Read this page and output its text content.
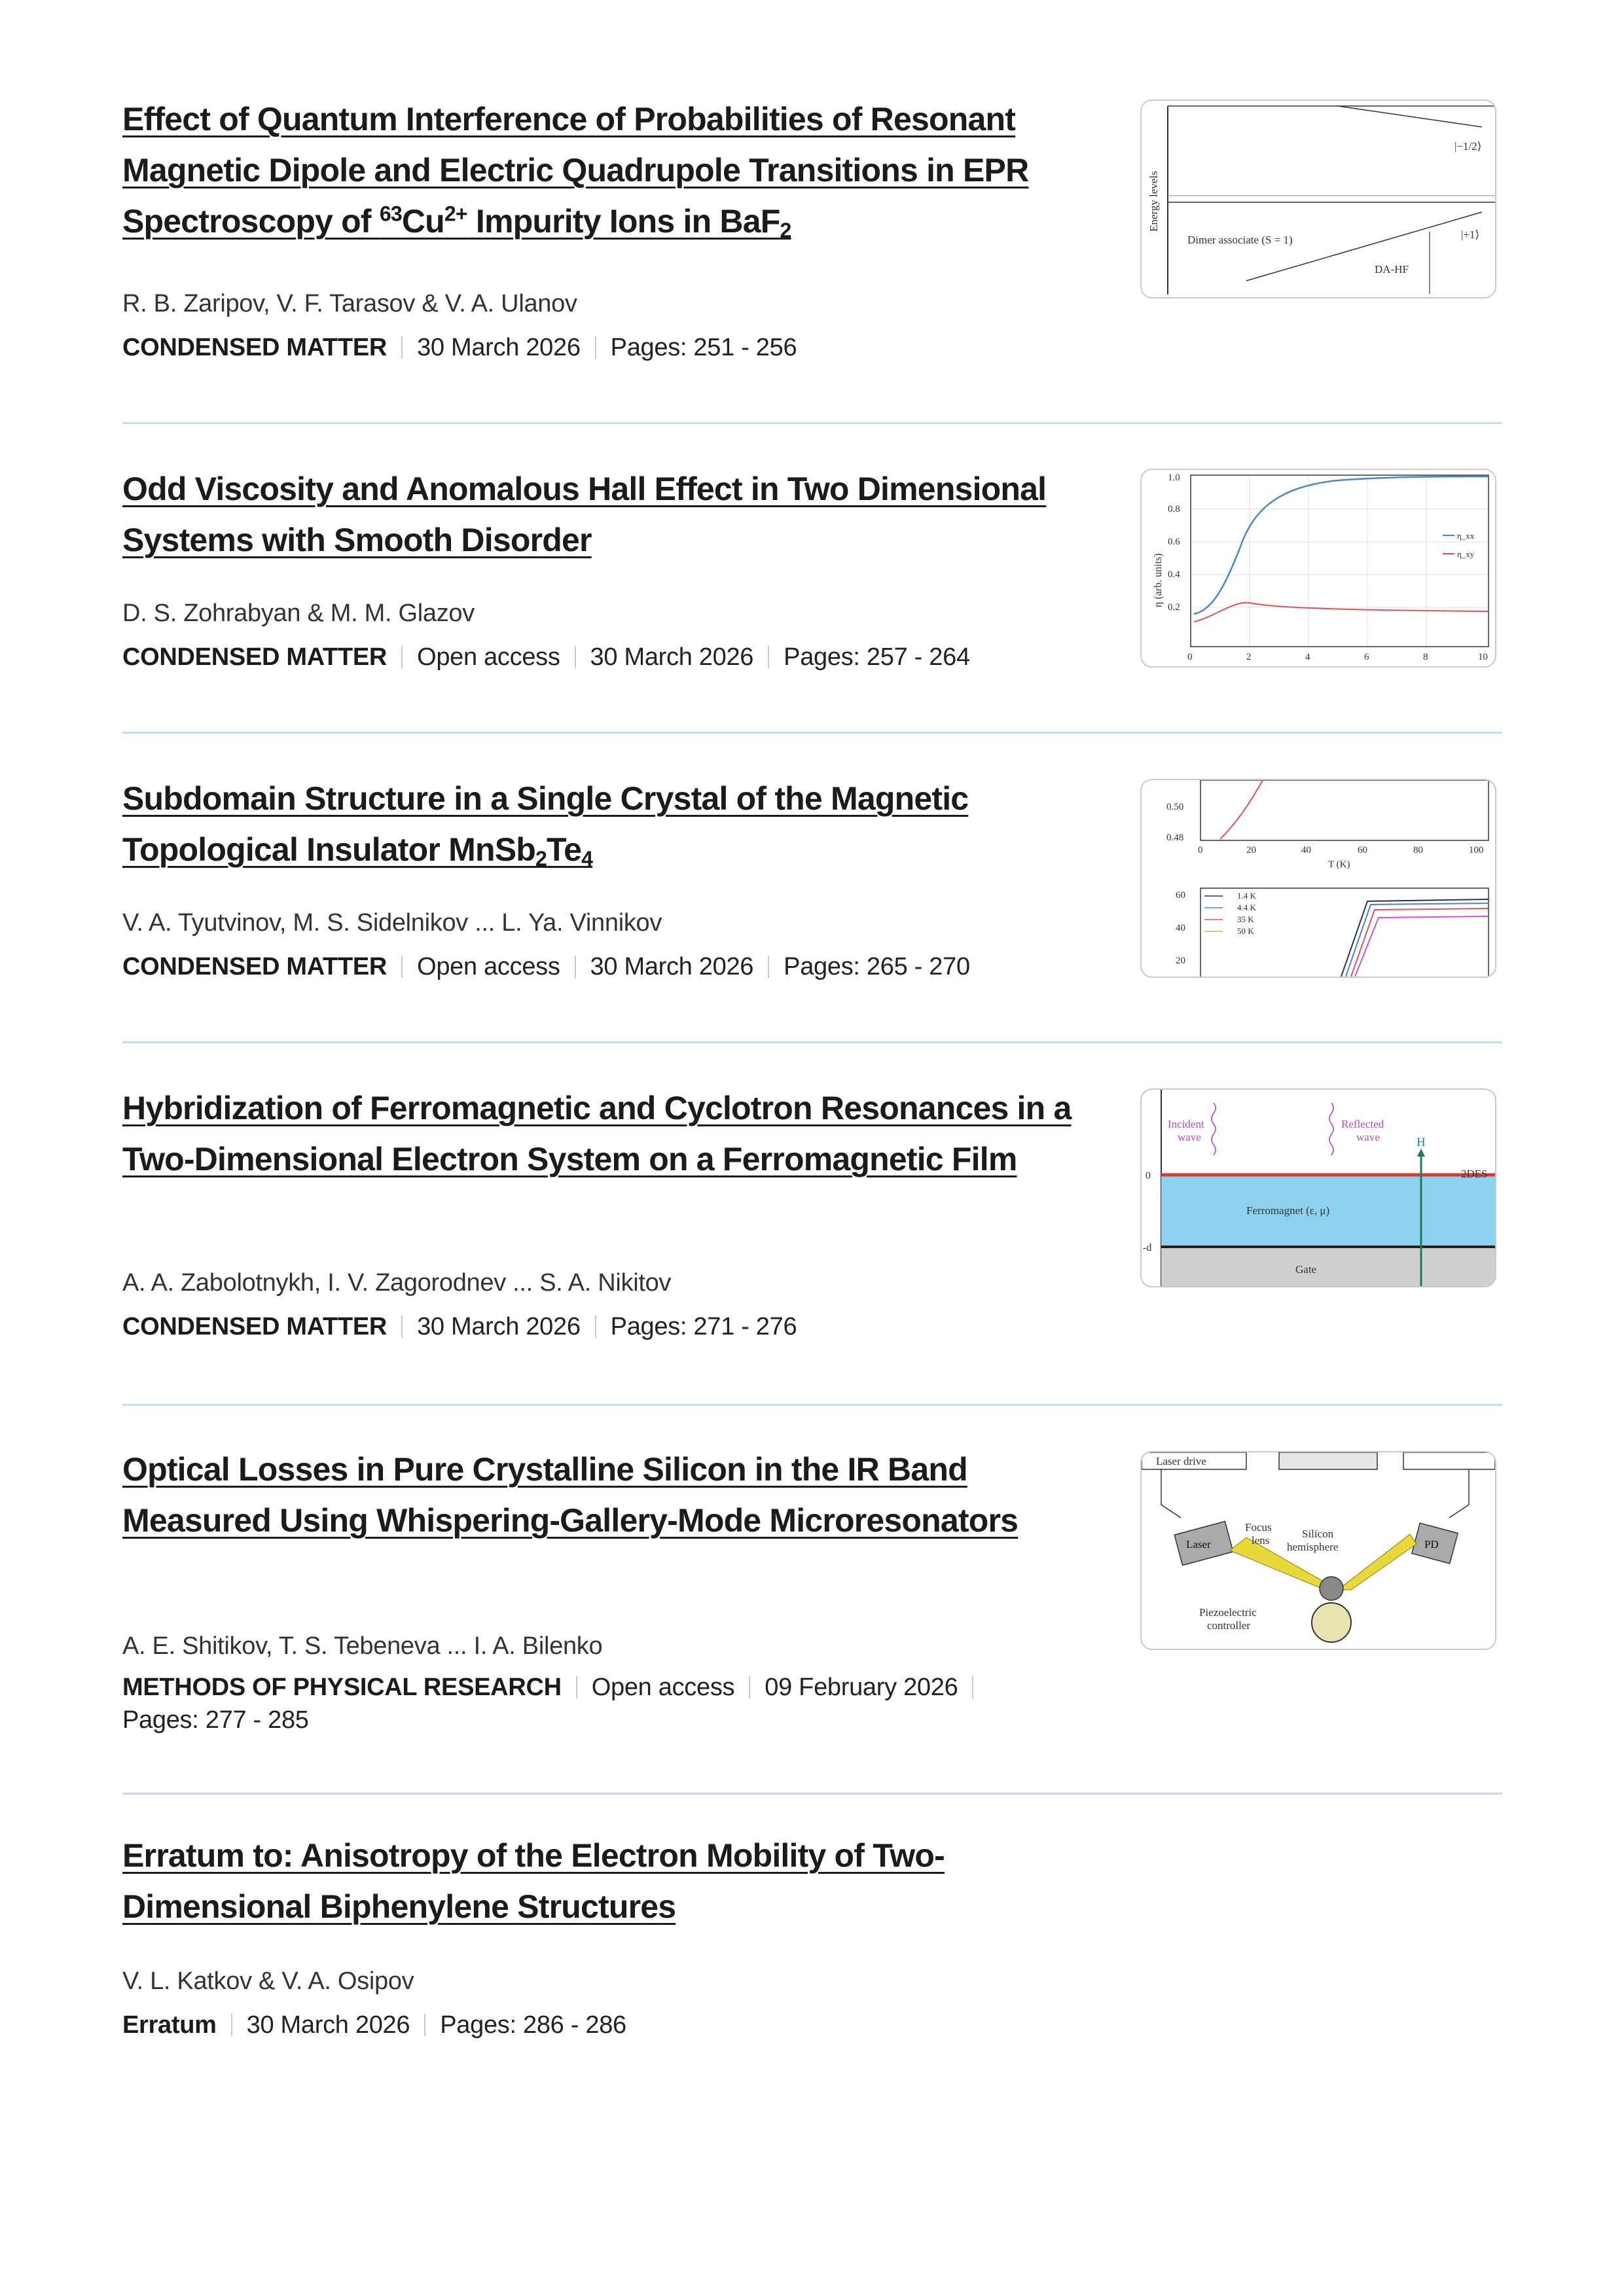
Effect of Quantum Interference of Probabilities of Resonant Magnetic Dipole and Electric Quadrupole Transitions in EPR Spectroscopy of $^{63}Cu^{2+}$ Impurity Ions in BaF$_2$
R. B. Zaripov, V. F. Tarasov & V. A. Ulanov
CONDENSED MATTER 30 March 2026 Pages: 251 - 256
Energy levels
|−1/2⟩
|+1⟩
Dimer associate (S = 1)
DA-HF
Odd Viscosity and Anomalous Hall Effect in Two Dimensional Systems with Smooth Disorder
D. S. Zohrabyan & M. M. Glazov
CONDENSED MATTER Open access 30 March 2026 Pages: 257 - 264
η (arb. units)
1.0
0.8
0.6
0.4
0.2
0	2	4	6	8	10
η_xx
η_xy
Subdomain Structure in a Single Crystal of the Magnetic Topological Insulator $MnSb_2Te_4$
V. A. Tyutvinov, M. S. Sidelnikov ... L. Ya. Vinnikov
CONDENSED MATTER Open access 30 March 2026 Pages: 265 - 270
0.50
0.48
0	20	40	60	80	100
T (K)
60
40
20
1.4 K
4.4 K
35 K
50 K
Hybridization of Ferromagnetic and Cyclotron Resonances in a Two-Dimensional Electron System on a Ferromagnetic Film
A. A. Zabolotnykh, I. V. Zagorodnev ... S. A. Nikitov
CONDENSED MATTER 30 March 2026 Pages: 271 - 276
Incident
wave
Reflected
wave	H
2DES
Ferromagnet (ε, μ)
Gate
0
-d
Optical Losses in Pure Crystalline Silicon in the IR Band Measured Using Whispering-Gallery-Mode Microresonators
A. E. Shitikov, T. S. Tebeneva ... I. A. Bilenko
METHODS OF PHYSICAL RESEARCH Open access 09 February 2026Pages: 277 - 285
Laser drive
Laser	PD
Focus
lens
Silicon
hemisphere
Piezoelectric
controller
Erratum to: Anisotropy of the Electron Mobility of Two-Dimensional Biphenylene Structures
V. L. Katkov & V. A. Osipov
Erratum 30 March 2026 Pages: 286 - 286
